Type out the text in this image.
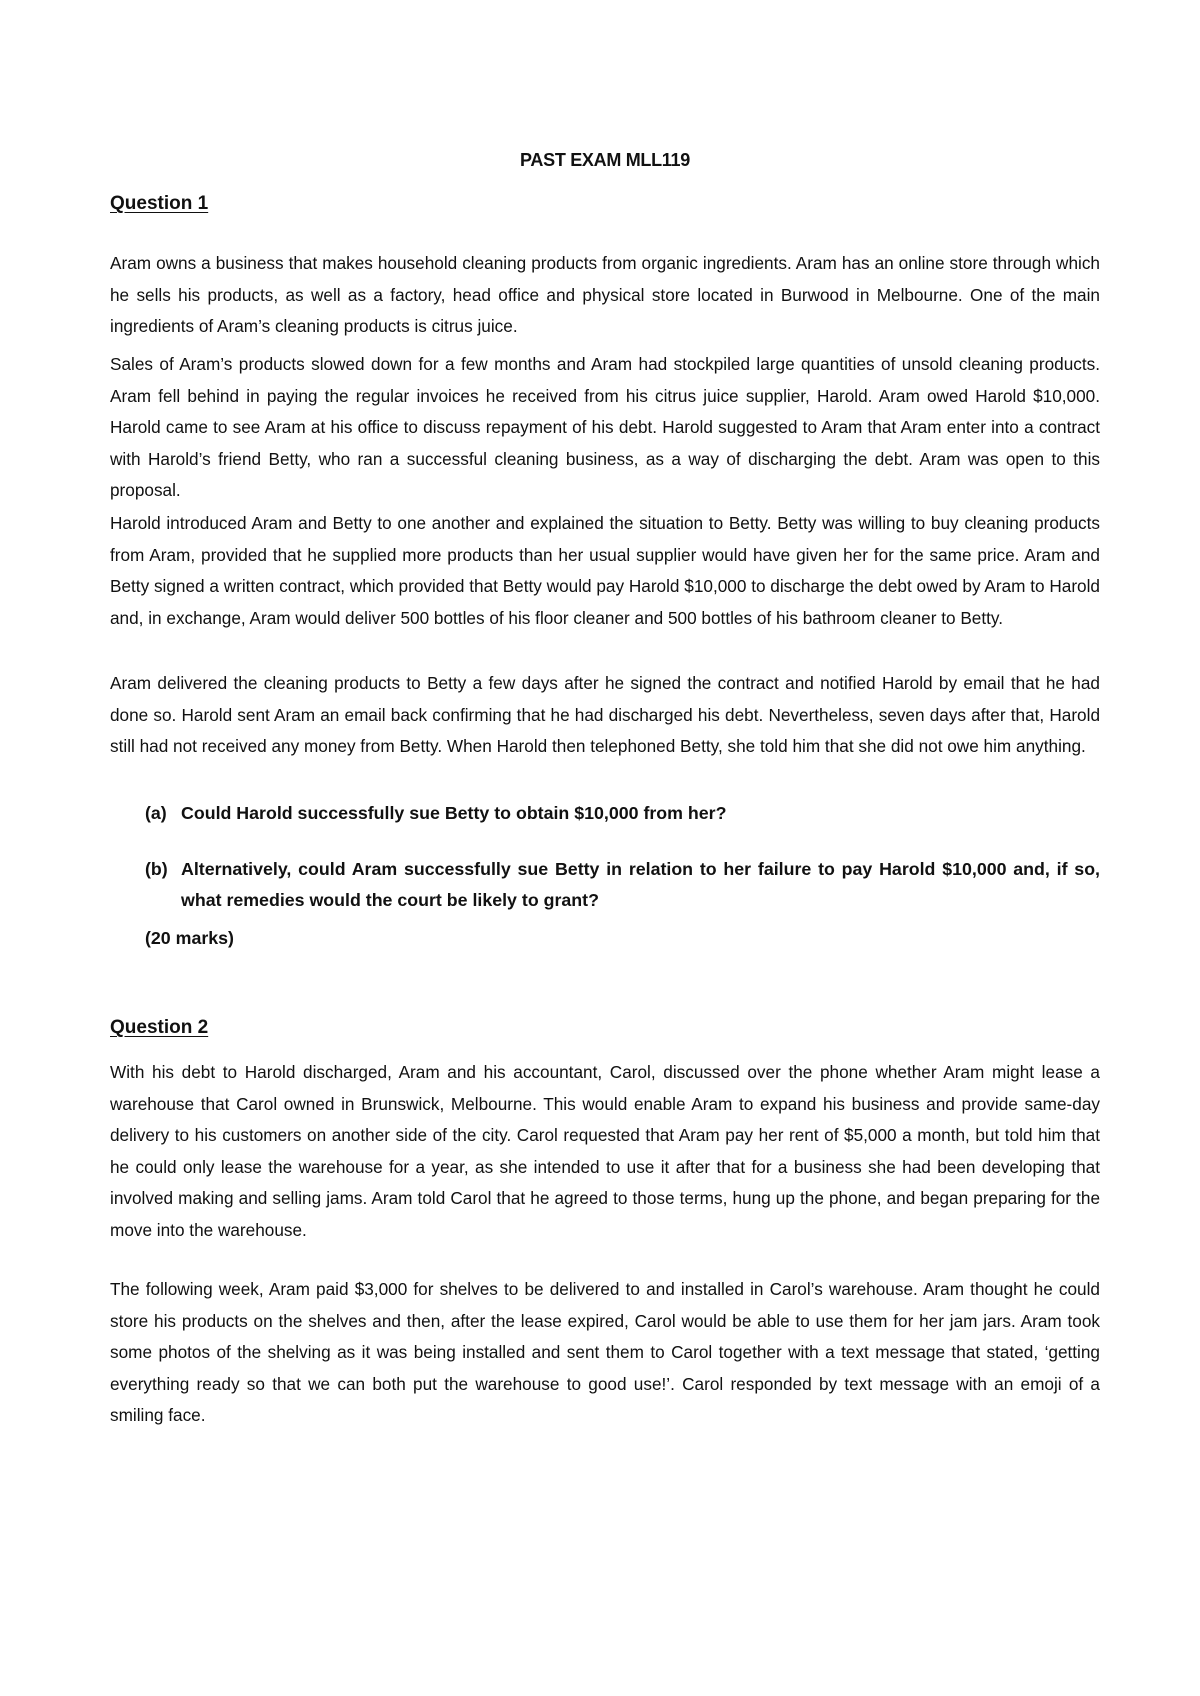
PAST EXAM MLL119
Question 1

Aram owns a business that makes household cleaning products from organic ingredients. Aram has an online store through which he sells his products, as well as a factory, head office and physical store located in Burwood in Melbourne. One of the main ingredients of Aram’s cleaning products is citrus juice.

Sales of Aram’s products slowed down for a few months and Aram had stockpiled large quantities of unsold cleaning products. Aram fell behind in paying the regular invoices he received from his citrus juice supplier, Harold. Aram owed Harold $10,000. Harold came to see Aram at his office to discuss repayment of his debt. Harold suggested to Aram that Aram enter into a contract with Harold’s friend Betty, who ran a successful cleaning business, as a way of discharging the debt. Aram was open to this proposal.

Harold introduced Aram and Betty to one another and explained the situation to Betty. Betty was willing to buy cleaning products from Aram, provided that he supplied more products than her usual supplier would have given her for the same price. Aram and Betty signed a written contract, which provided that Betty would pay Harold $10,000 to discharge the debt owed by Aram to Harold and, in exchange, Aram would deliver 500 bottles of his floor cleaner and 500 bottles of his bathroom cleaner to Betty.

Aram delivered the cleaning products to Betty a few days after he signed the contract and notified Harold by email that he had done so. Harold sent Aram an email back confirming that he had discharged his debt. Nevertheless, seven days after that, Harold still had not received any money from Betty. When Harold then telephoned Betty, she told him that she did not owe him anything.

(a) Could Harold successfully sue Betty to obtain $10,000 from her?
(b) Alternatively, could Aram successfully sue Betty in relation to her failure to pay Harold $10,000 and, if so, what remedies would the court be likely to grant?

(20 marks)

Question 2

With his debt to Harold discharged, Aram and his accountant, Carol, discussed over the phone whether Aram might lease a warehouse that Carol owned in Brunswick, Melbourne. This would enable Aram to expand his business and provide same-day delivery to his customers on another side of the city. Carol requested that Aram pay her rent of $5,000 a month, but told him that he could only lease the warehouse for a year, as she intended to use it after that for a business she had been developing that involved making and selling jams. Aram told Carol that he agreed to those terms, hung up the phone, and began preparing for the move into the warehouse.

The following week, Aram paid $3,000 for shelves to be delivered to and installed in Carol’s warehouse. Aram thought he could store his products on the shelves and then, after the lease expired, Carol would be able to use them for her jam jars. Aram took some photos of the shelving as it was being installed and sent them to Carol together with a text message that stated, ‘getting everything ready so that we can both put the warehouse to good use!’. Carol responded by text message with an emoji of a smiling face.
